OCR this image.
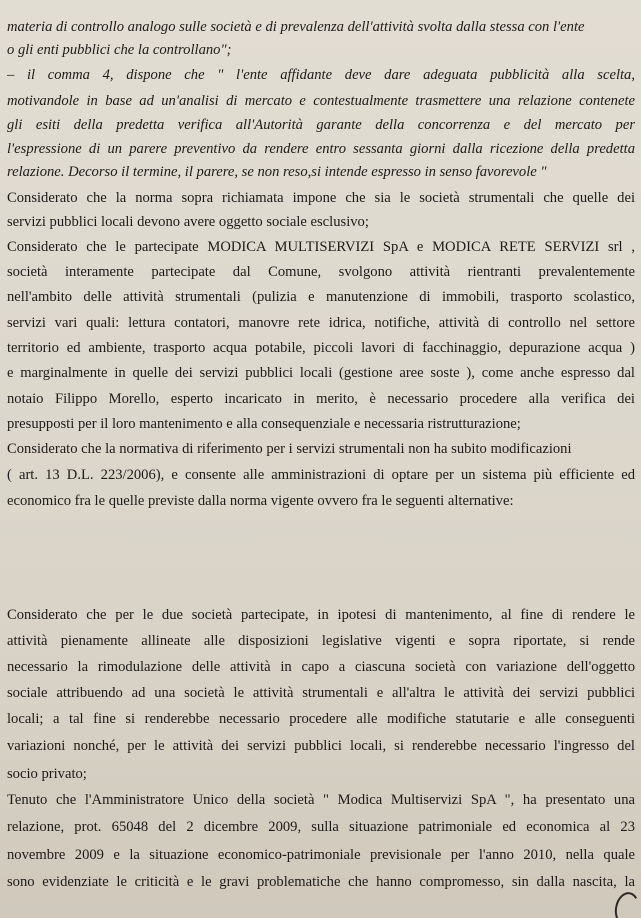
materia di controllo analogo sulle società e di prevalenza dell'attività svolta dalla stessa con l'ente
o gli enti pubblici che la controllano";
– il comma 4, dispone che " l'ente affidante deve dare adeguata pubblicità alla scelta,
motivandole in base ad un'analisi di mercato e contestualmente trasmettere una relazione contenete
gli esiti della predetta verifica all'Autorità garante della concorrenza e del mercato per
l'espressione di un parere preventivo da rendere entro sessanta giorni dalla ricezione della predetta
relazione. Decorso il termine, il parere, se non reso,si intende espresso in senso favorevole "
Considerato che la norma sopra richiamata impone che sia le società strumentali che quelle dei
servizi pubblici locali devono avere oggetto sociale esclusivo;
Considerato che le partecipate MODICA MULTISERVIZI SpA e MODICA RETE SERVIZI srl ,
società interamente partecipate dal Comune, svolgono attività rientranti prevalentemente
nell'ambito delle attività strumentali (pulizia e manutenzione di immobili, trasporto scolastico,
servizi vari quali: lettura contatori, manovre rete idrica, notifiche, attività di controllo nel settore
territorio ed ambiente, trasporto acqua potabile, piccoli lavori di facchinaggio, depurazione acqua )
e marginalmente in quelle dei servizi pubblici locali (gestione aree soste ), come anche espresso dal
notaio Filippo Morello, esperto incaricato in merito, è necessario procedere alla verifica dei
presupposti per il loro mantenimento e alla consequenziale e necessaria ristrutturazione;
Considerato che la normativa di riferimento per i servizi strumentali non ha subito modificazioni
( art. 13 D.L. 223/2006), e consente alle amministrazioni di optare per un sistema più efficiente ed
economico fra le quelle previste dalla norma vigente ovvero fra le seguenti alternative:
Considerato che per le due società partecipate, in ipotesi di mantenimento, al fine di rendere le
attività pienamente allineate alle disposizioni legislative vigenti e sopra riportate, si rende
necessario la rimodulazione delle attività in capo a ciascuna società con variazione dell'oggetto
sociale attribuendo ad una società le attività strumentali e all'altra le attività dei servizi pubblici
locali; a tal fine si renderebbe necessario procedere alle modifiche statutarie e alle conseguenti
variazioni nonché, per le attività dei servizi pubblici locali, si renderebbe necessario l'ingresso del
socio privato;
Tenuto che l'Amministratore Unico della società " Modica Multiservizi SpA ", ha presentato una
relazione, prot. 65048 del 2 dicembre 2009, sulla situazione patrimoniale ed economica al 23
novembre 2009 e la situazione economico-patrimoniale previsionale per l'anno 2010, nella quale
sono evidenziate le criticità e le gravi problematiche che hanno compromesso, sin dalla nascita, la
